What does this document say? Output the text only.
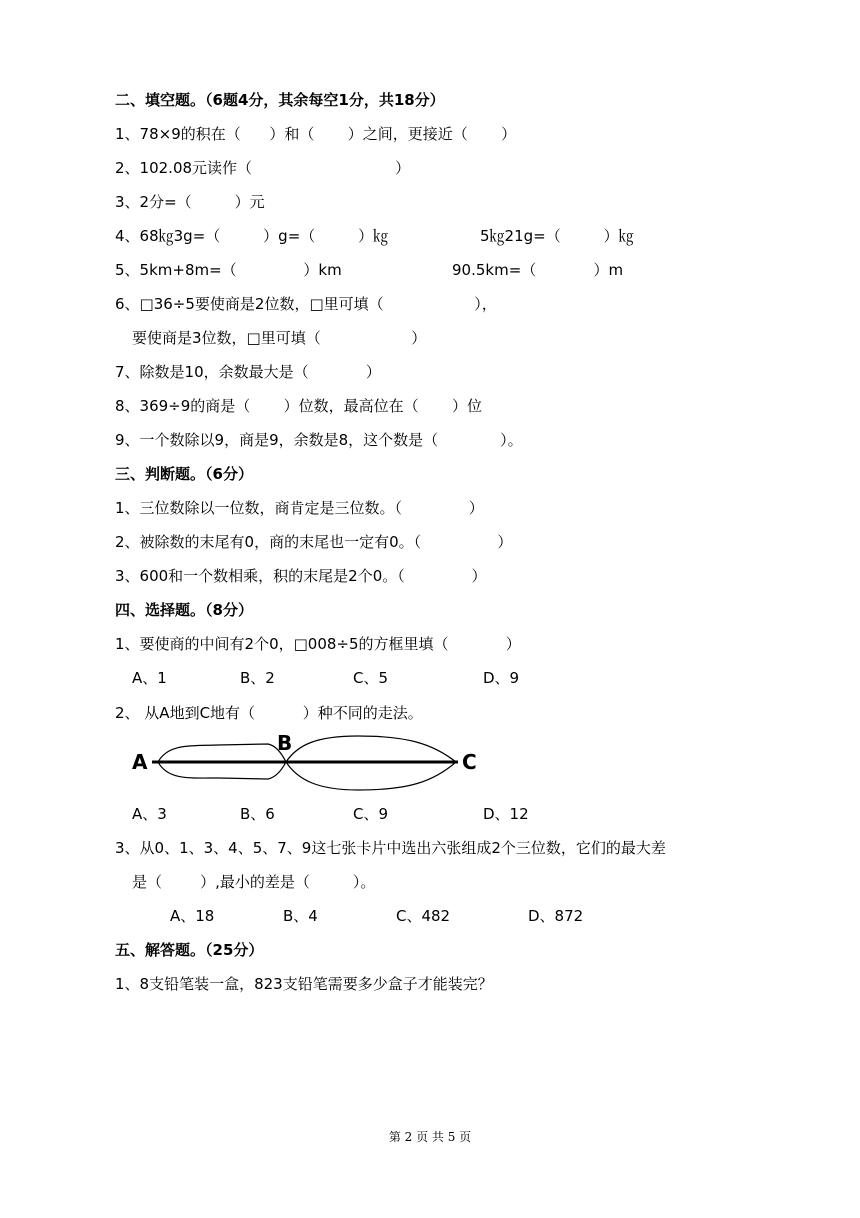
二、填空题。（6题4分，其余每空1分，共18分）
1、78×9的积在（      ）和（       ）之间，更接近（       ）
2、102.08元读作（                              ）
3、2分=（         ）元
4、68㎏3g=（         ）g=（         ）㎏	5㎏21g=（         ）㎏
5、5km+8m=（              ）km	90.5km=（            ）m
6、□36÷5要使商是2位数，□里可填（                   ），
要使商是3位数，□里可填（                   ）
7、除数是10，余数最大是（            ）
8、369÷9的商是（       ）位数，最高位在（       ）位
9、一个数除以9，商是9，余数是8，这个数是（             ）。
三、判断题。（6分）
1、三位数除以一位数，商肯定是三位数。（              ）
2、被除数的末尾有0，商的末尾也一定有0。（                ）
3、600和一个数相乘，积的末尾是2个0。（              ）
四、选择题。（8分）
1、要使商的中间有2个0，□008÷5的方框里填（            ）
A、1	B、2	C、5	D、9
2、 从A地到C地有（          ）种不同的走法。
A
B
C
A、3	B、6	C、9	D、12
3、从0、1、3、4、5、7、9这七张卡片中选出六张组成2个三位数，它们的最大差
是（        ）,最小的差是（         ）。
A、18	B、4	C、482	D、872
五、解答题。（25分）
1、8支铅笔装一盒，823支铅笔需要多少盒子才能装完？
第 2 页 共 5 页
